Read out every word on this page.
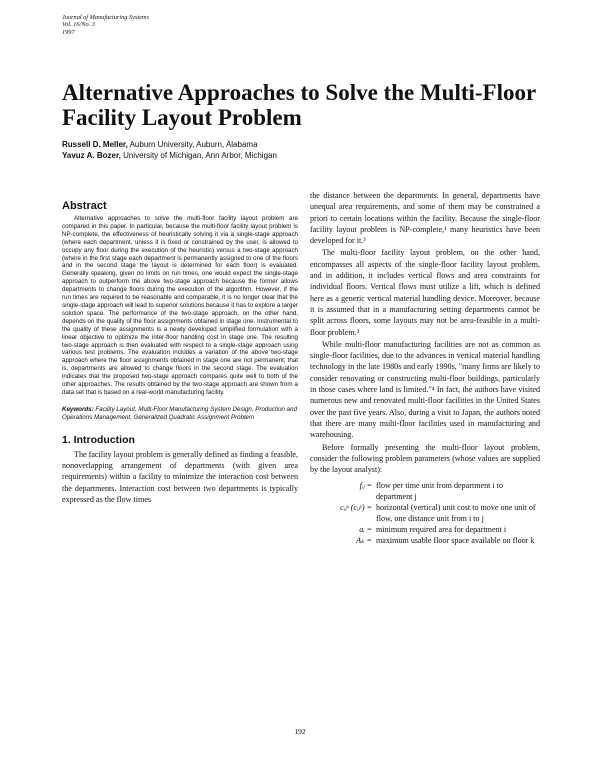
Journal of Manufacturing Systems
Vol. 16/No. 3
1997
Alternative Approaches to Solve the Multi-Floor Facility Layout Problem
Russell D. Meller, Auburn University, Auburn, Alabama
Yavuz A. Bozer, University of Michigan, Ann Arbor, Michigan
Abstract

Alternative approaches to solve the multi-floor facility layout problem are compared in this paper. In particular, because the multi-floor facility layout problem is NP-complete, the effectiveness of heuristically solving it via a single-stage approach (where each department, unless it is fixed or constrained by the user, is allowed to occupy any floor during the execution of the heuristic) versus a two-stage approach (where in the first stage each department is permanently assigned to one of the floors and in the second stage the layout is determined for each floor) is evaluated. Generally speaking, given no limits on run times, one would expect the single-stage approach to outperform the above two-stage approach because the former allows departments to change floors during the execution of the algorithm. However, if the run times are required to be reasonable and comparable, it is no longer clear that the single-stage approach will lead to superior solutions because it has to explore a larger solution space. The performance of the two-stage approach, on the other hand, depends on the quality of the floor assignments obtained in stage one. Instrumental to the quality of these assignments is a newly developed simplified formulation with a linear objective to optimize the inter-floor handling cost in stage one. The resulting two-stage approach is then evaluated with respect to a single-stage approach using various test problems. The evaluation includes a variation of the above two-stage approach where the floor assignments obtained in stage one are not permanent; that is, departments are allowed to change floors in the second stage. The evaluation indicates that the proposed two-stage approach compares quite well to both of the other approaches. The results obtained by the two-stage approach are shown from a data set that is based on a real-world manufacturing facility.

Keywords: Facility Layout, Multi-Floor Manufacturing System Design, Production and Operations Management, Generalized Quadratic Assignment Problem
1. Introduction

The facility layout problem is generally defined as finding a feasible, nonoverlapping arrangement of departments (with given area requirements) within a facility to minimize the interaction cost between the departments. Interaction cost between two departments is typically expressed as the flow times

the distance between the departments. In general, departments have unequal area requirements, and some of them may be constrained a priori to certain locations within the facility. Because the single-floor facility layout problem is NP-complete,¹ many heuristics have been developed for it.²

The multi-floor facility layout problem, on the other hand, encompasses all aspects of the single-floor facility layout problem, and in addition, it includes vertical flows and area constraints for individual floors. Vertical flows must utilize a lift, which is defined here as a generic vertical material handling device. Moreover, because it is assumed that in a manufacturing setting departments cannot be split across floors, some layouts may not be area-feasible in a multi-floor problem.³

While multi-floor manufacturing facilities are not as common as single-floor facilities, due to the advances in vertical material handling technology in the late 1980s and early 1990s, "many firms are likely to consider renovating or constructing multi-floor buildings, particularly in those cases where land is limited."⁴ In fact, the authors have visited numerous new and renovated multi-floor facilities in the United States over the past five years. Also, during a visit to Japan, the authors noted that there are many multi-floor facilities used in manufacturing and warehousing.

Before formally presenting the multi-floor layout problem, consider the following problem parameters (whose values are supplied by the layout analyst):

fᵢⱼ = flow per time unit from department i to department j
cᵢⱼˣ (cᵢⱼʸ) = horizontal (vertical) unit cost to move one unit of flow, one distance unit from i to j
aᵢ = minimum required area for department i
Aₖ = maximum usable floor space available on floor k
192
